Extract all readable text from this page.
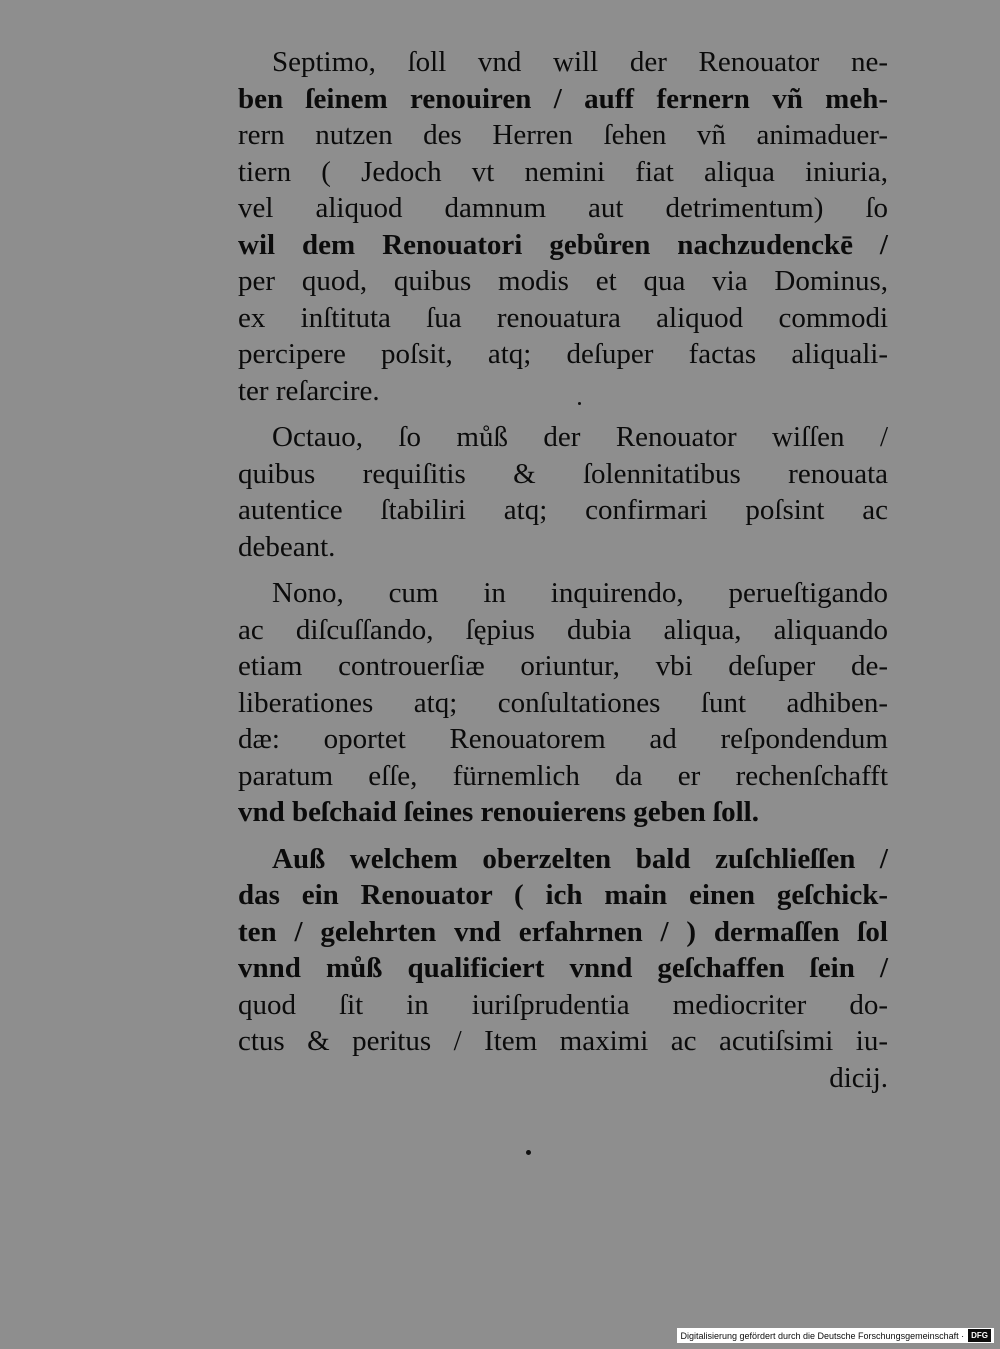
Septimo, ſoll vnd will der Renouator ne-
ben ſeinem renouiren / auff fernern vñ meh-
rern nutzen des Herren ſehen vñ animaduer-
tiern ( Jedoch vt nemini fiat aliqua iniuria,
vel aliquod damnum aut detrimentum) ſo
wil dem Renouatori gebůren nachzudenckē /
per quod, quibus modis et qua via Dominus,
ex inſtituta ſua renouatura aliquod commodi
percipere poſsit, atq; deſuper factas aliquali-
ter reſarcire.
Octauo, ſo můß der Renouator wiſſen /
quibus requiſitis & ſolennitatibus renouata
autentice ſtabiliri atq; confirmari poſsint ac
debeant.
Nono, cum in inquirendo, perueſtigando
ac diſcuſſando, ſępius dubia aliqua, aliquando
etiam controuerſiæ oriuntur, vbi deſuper de-
liberationes atq; conſultationes ſunt adhiben-
dæ: oportet Renouatorem ad reſpondendum
paratum eſſe, fürnemlich da er rechenſchafft
vnd beſchaid ſeines renouierens geben ſoll.
Auß welchem oberzelten bald zuſchlieſſen /
das ein Renouator ( ich main einen geſchick-
ten / gelehrten vnd erfahrnen / ) dermaſſen ſol
vnnd můß qualificiert vnnd geſchaffen ſein /
quod ſit in iuriſprudentia mediocriter do-
ctus & peritus / Item maximi ac acutiſsimi iu-
dicij.
Digitalisierung gefördert durch die Deutsche Forschungsgemeinschaft · DFG
